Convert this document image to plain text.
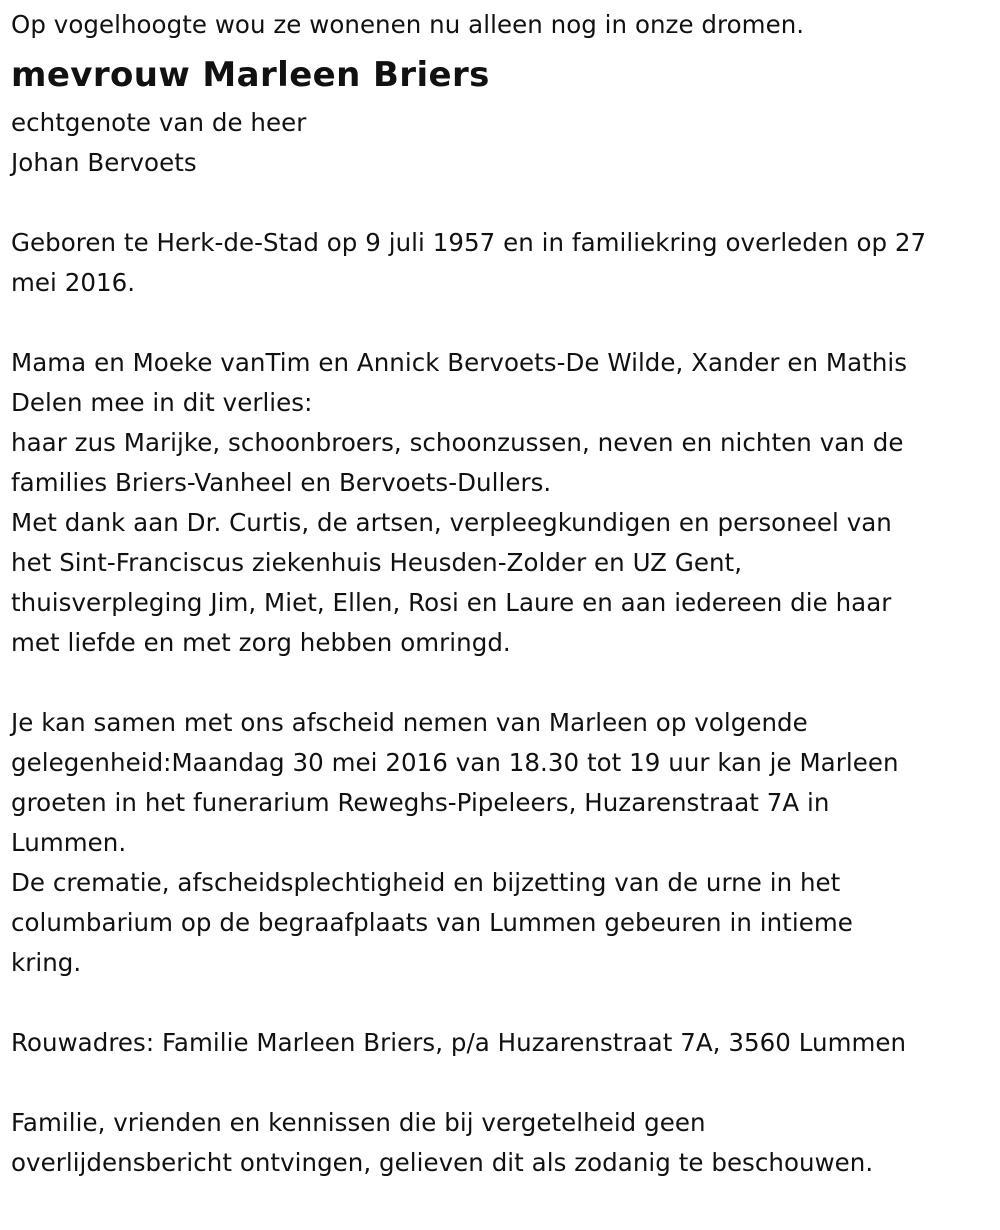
Op vogelhoogte wou ze wonenen nu alleen nog in onze dromen.
mevrouw Marleen Briers
echtgenote van de heer
Johan Bervoets
Geboren te Herk-de-Stad op 9 juli 1957 en in familiekring overleden op 27
mei 2016.
Mama en Moeke vanTim en Annick Bervoets-De Wilde, Xander en Mathis
Delen mee in dit verlies:
haar zus Marijke, schoonbroers, schoonzussen, neven en nichten van de
families Briers-Vanheel en Bervoets-Dullers.
Met dank aan Dr. Curtis, de artsen, verpleegkundigen en personeel van
het Sint-Franciscus ziekenhuis Heusden-Zolder en UZ Gent,
thuisverpleging Jim, Miet, Ellen, Rosi en Laure en aan iedereen die haar
met liefde en met zorg hebben omringd.
Je kan samen met ons afscheid nemen van Marleen op volgende
gelegenheid:Maandag 30 mei 2016 van 18.30 tot 19 uur kan je Marleen
groeten in het funerarium Reweghs-Pipeleers, Huzarenstraat 7A in
Lummen.
De crematie, afscheidsplechtigheid en bijzetting van de urne in het
columbarium op de begraafplaats van Lummen gebeuren in intieme
kring.
Rouwadres: Familie Marleen Briers, p/a Huzarenstraat 7A, 3560 Lummen
Familie, vrienden en kennissen die bij vergetelheid geen
overlijdensbericht ontvingen, gelieven dit als zodanig te beschouwen.
